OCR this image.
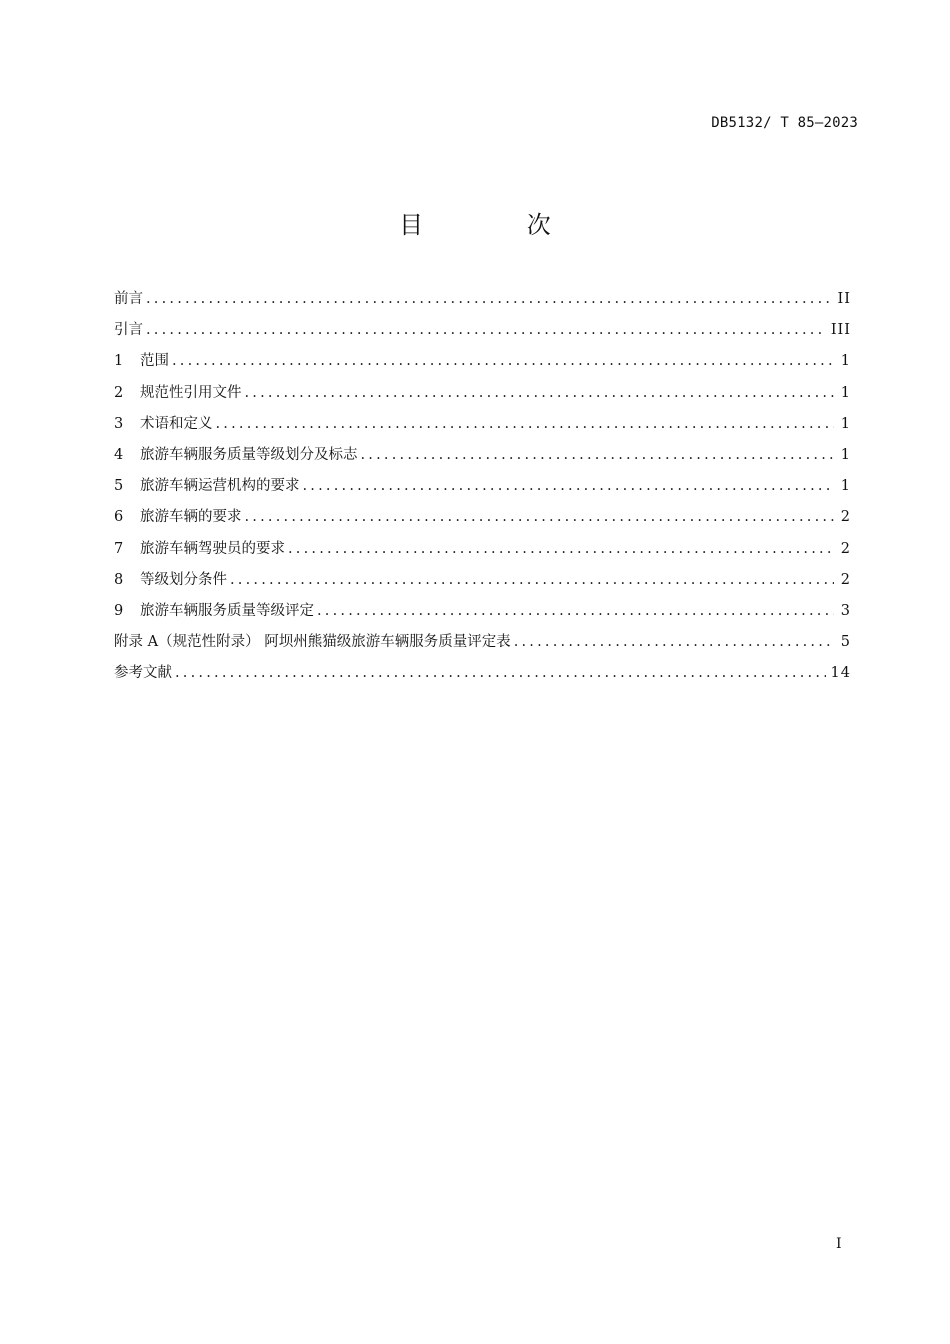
DB5132/ T 85—2023
目 次
前言 .....	II
引言 .....	III
1	范围 .....	1
2	规范性引用文件 .....	1
3	术语和定义 .....	1
4	旅游车辆服务质量等级划分及标志 .....	1
5	旅游车辆运营机构的要求 .....	1
6	旅游车辆的要求 .....	2
7	旅游车辆驾驶员的要求 .....	2
8	等级划分条件 .....	2
9	旅游车辆服务质量等级评定 .....	3
附录 A（规范性附录） 阿坝州熊猫级旅游车辆服务质量评定表 .....	5
参考文献 .....	14
I
